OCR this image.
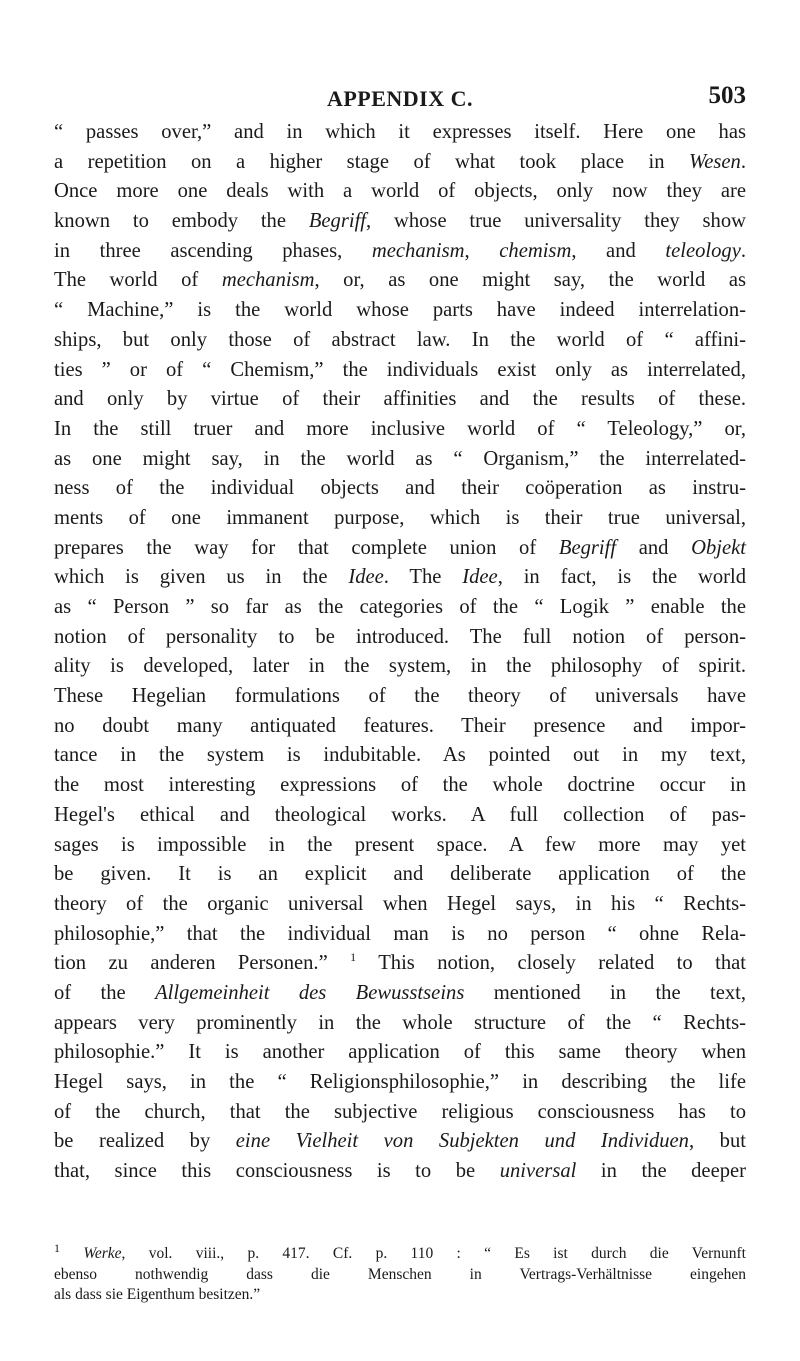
APPENDIX C.	503
“ passes over,” and in which it expresses itself. Here one has
a repetition on a higher stage of what took place in Wesen.
Once more one deals with a world of objects, only now they are
known to embody the Begriff, whose true universality they show
in three ascending phases, mechanism, chemism, and teleology.
The world of mechanism, or, as one might say, the world as
“ Machine,” is the world whose parts have indeed interrelation-
ships, but only those of abstract law. In the world of “ affini-
ties ” or of “ Chemism,” the individuals exist only as interrelated,
and only by virtue of their affinities and the results of these.
In the still truer and more inclusive world of “ Teleology,” or,
as one might say, in the world as “ Organism,” the interrelated-
ness of the individual objects and their coöperation as instru-
ments of one immanent purpose, which is their true universal,
prepares the way for that complete union of Begriff and Objekt
which is given us in the Idee. The Idee, in fact, is the world
as “ Person ” so far as the categories of the “ Logik ” enable the
notion of personality to be introduced. The full notion of person-
ality is developed, later in the system, in the philosophy of spirit.
These Hegelian formulations of the theory of universals have
no doubt many antiquated features. Their presence and impor-
tance in the system is indubitable. As pointed out in my text,
the most interesting expressions of the whole doctrine occur in
Hegel's ethical and theological works. A full collection of pas-
sages is impossible in the present space. A few more may yet
be given. It is an explicit and deliberate application of the
theory of the organic universal when Hegel says, in his “ Rechts-
philosophie,” that the individual man is no person “ ohne Rela-
tion zu anderen Personen.” $^1$ This notion, closely related to that
of the Allgemeinheit des Bewusstseins mentioned in the text,
appears very prominently in the whole structure of the “ Rechts-
philosophie.” It is another application of this same theory when
Hegel says, in the “ Religionsphilosophie,” in describing the life
of the church, that the subjective religious consciousness has to
be realized by eine Vielheit von Subjekten und Individuen, but
that, since this consciousness is to be universal in the deeper
$^1$ Werke, vol. viii., p. 417. Cf. p. 110 : “ Es ist durch die Vernunft
ebenso nothwendig dass die Menschen in Vertrags-Verhältnisse eingehen
als dass sie Eigenthum besitzen.”
